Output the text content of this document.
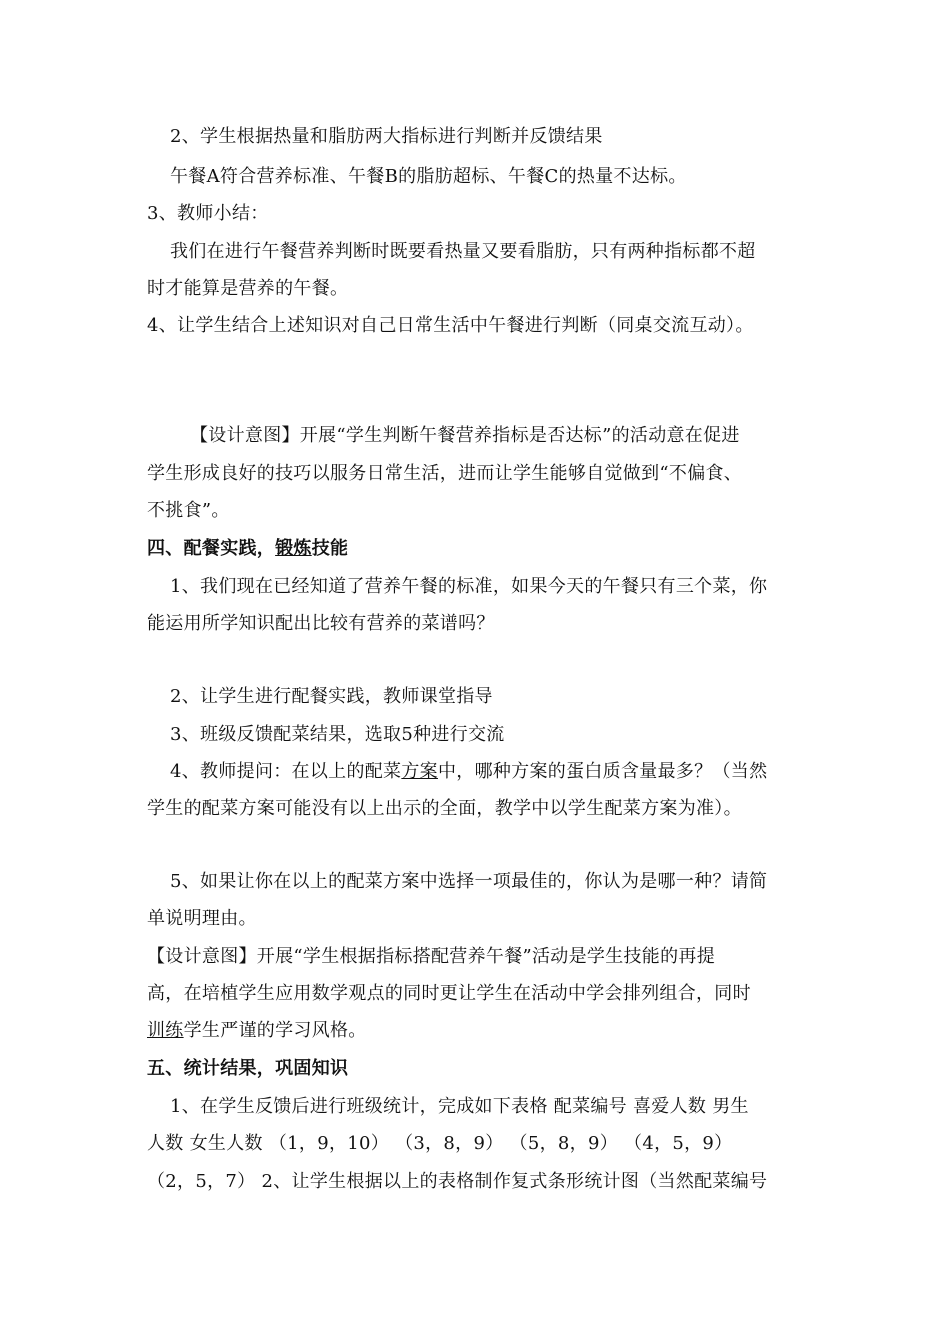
2、学生根据热量和脂肪两大指标进行判断并反馈结果
午餐A符合营养标准、午餐B的脂肪超标、午餐C的热量不达标。
3、教师小结：
我们在进行午餐营养判断时既要看热量又要看脂肪，只有两种指标都不超
时才能算是营养的午餐。
4、让学生结合上述知识对自己日常生活中午餐进行判断（同桌交流互动）。
【设计意图】开展“学生判断午餐营养指标是否达标”的活动意在促进
学生形成良好的技巧以服务日常生活，进而让学生能够自觉做到“不偏食、
不挑食”。
四、配餐实践，锻炼技能
1、我们现在已经知道了营养午餐的标准，如果今天的午餐只有三个菜，你
能运用所学知识配出比较有营养的菜谱吗？
2、让学生进行配餐实践，教师课堂指导
3、班级反馈配菜结果，选取5种进行交流
4、教师提问：在以上的配菜方案中，哪种方案的蛋白质含量最多？（当然
学生的配菜方案可能没有以上出示的全面，教学中以学生配菜方案为准）。
5、如果让你在以上的配菜方案中选择一项最佳的，你认为是哪一种？请简
单说明理由。
【设计意图】开展“学生根据指标搭配营养午餐”活动是学生技能的再提
高，在培植学生应用数学观点的同时更让学生在活动中学会排列组合，同时
训练学生严谨的学习风格。
五、统计结果，巩固知识
1、在学生反馈后进行班级统计，完成如下表格 配菜编号 喜爱人数 男生
人数 女生人数 （1，9，10） （3，8，9） （5，8，9） （4，5，9）
（2，5，7） 2、让学生根据以上的表格制作复式条形统计图（当然配菜编号
